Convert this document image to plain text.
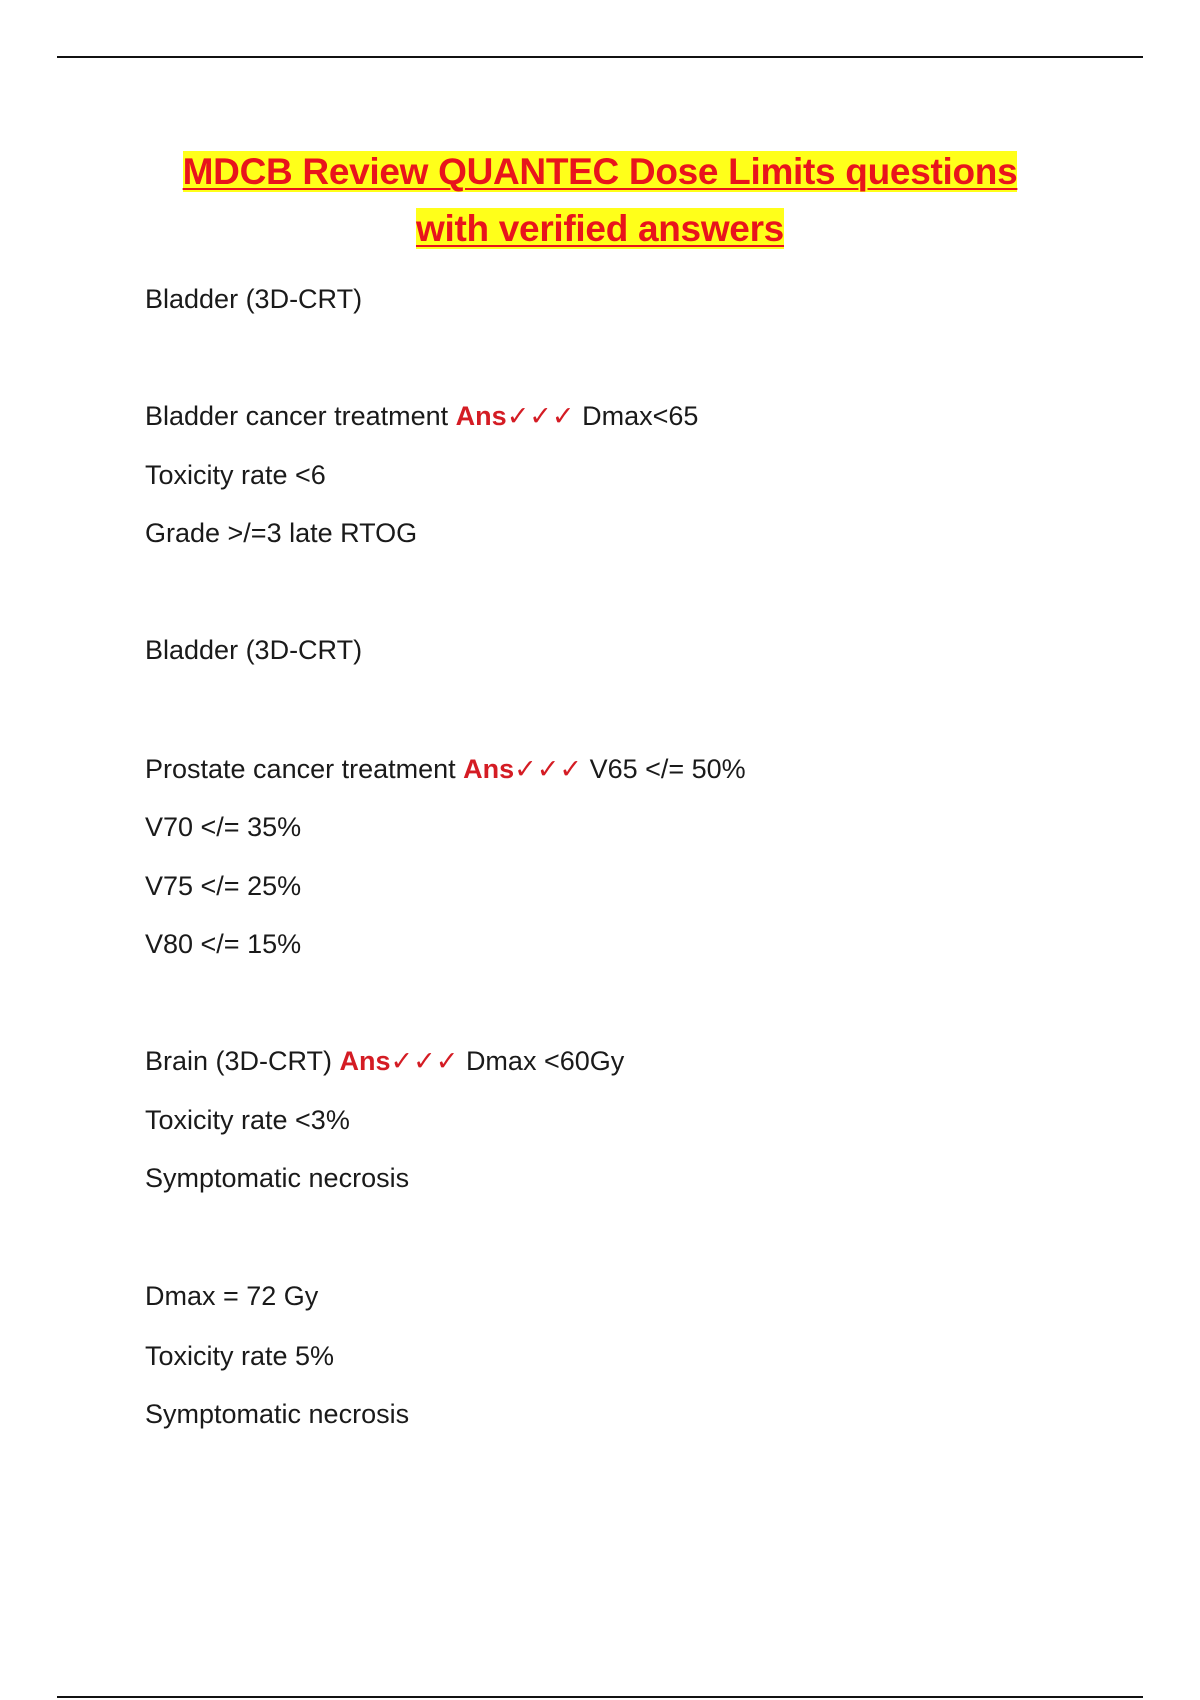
MDCB Review QUANTEC Dose Limits questions
with verified answers
Bladder (3D-CRT)
Bladder cancer treatment Ans✓✓✓ Dmax<65
Toxicity rate <6
Grade >/=3 late RTOG
Bladder (3D-CRT)
Prostate cancer treatment Ans✓✓✓ V65 </= 50%
V70 </= 35%
V75 </= 25%
V80 </= 15%
Brain (3D-CRT) Ans✓✓✓ Dmax <60Gy
Toxicity rate <3%
Symptomatic necrosis
Dmax = 72 Gy
Toxicity rate 5%
Symptomatic necrosis
